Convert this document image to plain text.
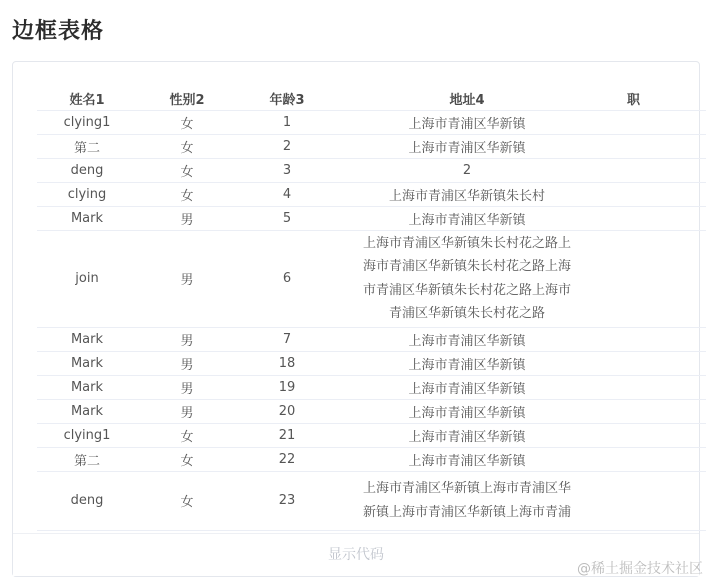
边框表格
姓名1	性别2	年龄3	地址4	职
clying1	女	1	上海市青浦区华新镇	
第二	女	2	上海市青浦区华新镇	
deng	女	3	2	
clying	女	4	上海市青浦区华新镇朱长村	
Mark	男	5	上海市青浦区华新镇	
join	男	6	上海市青浦区华新镇朱长村花之路上海市青浦区华新镇朱长村花之路上海市青浦区华新镇朱长村花之路上海市青浦区华新镇朱长村花之路	
Mark	男	7	上海市青浦区华新镇	
Mark	男	18	上海市青浦区华新镇	
Mark	男	19	上海市青浦区华新镇	
Mark	男	20	上海市青浦区华新镇	
clying1	女	21	上海市青浦区华新镇	
第二	女	22	上海市青浦区华新镇	
deng	女	23	上海市青浦区华新镇上海市青浦区华新镇上海市青浦区华新镇上海市青浦	

显示代码
@稀土掘金技术社区
